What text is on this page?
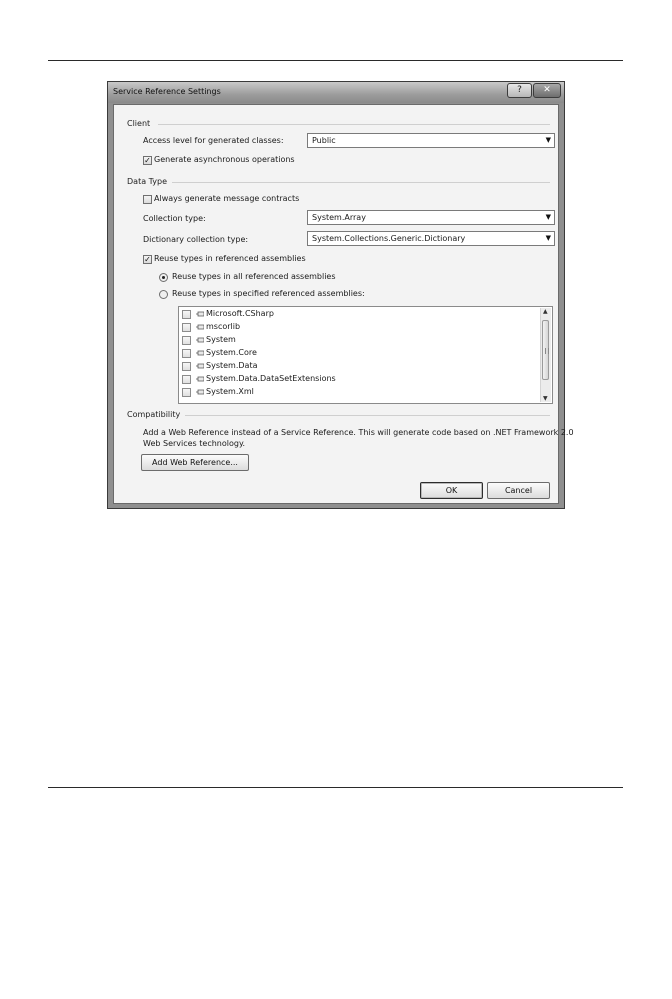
Service Reference Settings	?	✕
Client
Access level for generated classes:	Public	▼
✓ Generate asynchronous operations
Data Type
Always generate message contracts
Collection type:	System.Array	▼
Dictionary collection type:	System.Collections.Generic.Dictionary	▼
✓ Reuse types in referenced assemblies
Reuse types in all referenced assemblies
Reuse types in specified referenced assemblies:
Microsoft.CSharp
mscorlib
System
System.Core
System.Data
System.Data.DataSetExtensions
System.Xml
▲
▼
Compatibility
Add a Web Reference instead of a Service Reference. This will generate code based on .NET Framework 2.0
Web Services technology.
Add Web Reference...
OK	Cancel
